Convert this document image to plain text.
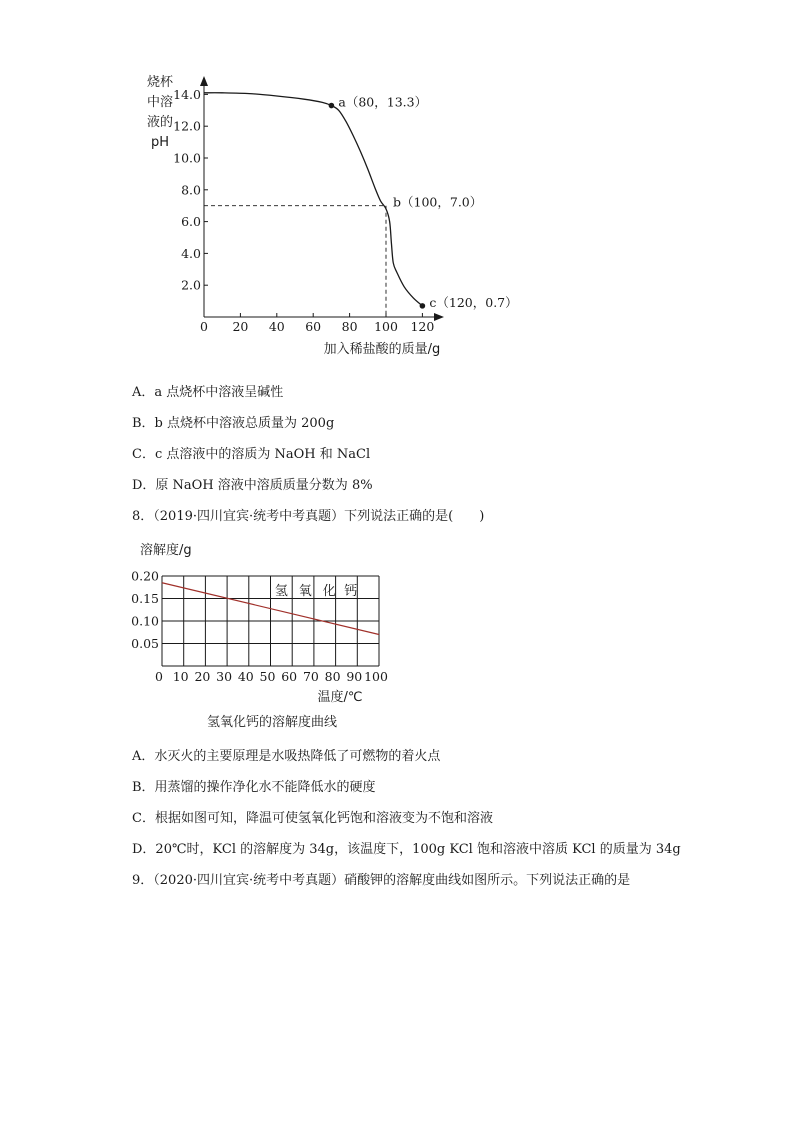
烧杯
中溶
液的
pH
2.0
4.0
6.0
8.0
10.0
12.0
14.0
0 20 40 60 80 100 120
a（80，13.3）
b（100，7.0）
c（120，0.7）
加入稀盐酸的质量/g
A．a 点烧杯中溶液呈碱性
B．b 点烧杯中溶液总质量为 200g
C．c 点溶液中的溶质为 NaOH 和 NaCl
D．原 NaOH 溶液中溶质质量分数为 8%
8．（2019·四川宜宾·统考中考真题）下列说法正确的是(　　)
溶解度/g
0.20
0.15
0.10
0.05
0 10 20 30 40 50 60 70 80 90 100
氢 氧 化 钙
温度/℃
氢氧化钙的溶解度曲线
A．水灭火的主要原理是水吸热降低了可燃物的着火点
B．用蒸馏的操作净化水不能降低水的硬度
C．根据如图可知，降温可使氢氧化钙饱和溶液变为不饱和溶液
D．20℃时，KCl 的溶解度为 34g，该温度下，100g KCl 饱和溶液中溶质 KCl 的质量为 34g
9．（2020·四川宜宾·统考中考真题）硝酸钾的溶解度曲线如图所示。下列说法正确的是
